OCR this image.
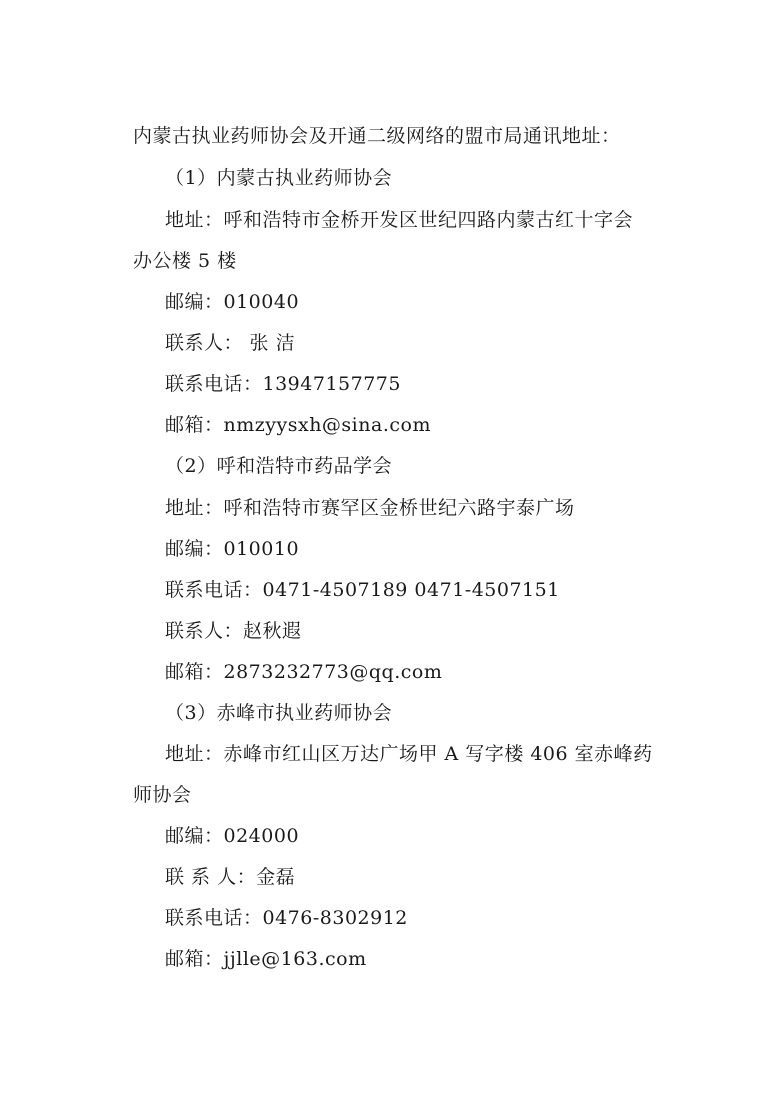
内蒙古执业药师协会及开通二级网络的盟市局通讯地址：
（1）内蒙古执业药师协会
地址：呼和浩特市金桥开发区世纪四路内蒙古红十字会
办公楼 5 楼
邮编：010040
联系人： 张 洁
联系电话：13947157775
邮箱：nmzyysxh@sina.com
（2）呼和浩特市药品学会
地址：呼和浩特市赛罕区金桥世纪六路宇泰广场
邮编：010010
联系电话：0471-4507189 0471-4507151
联系人：赵秋遐
邮箱：2873232773@qq.com
（3）赤峰市执业药师协会
地址：赤峰市红山区万达广场甲 A 写字楼 406 室赤峰药
师协会
邮编：024000
联 系 人：金磊
联系电话：0476-8302912
邮箱：jjlle@163.com
